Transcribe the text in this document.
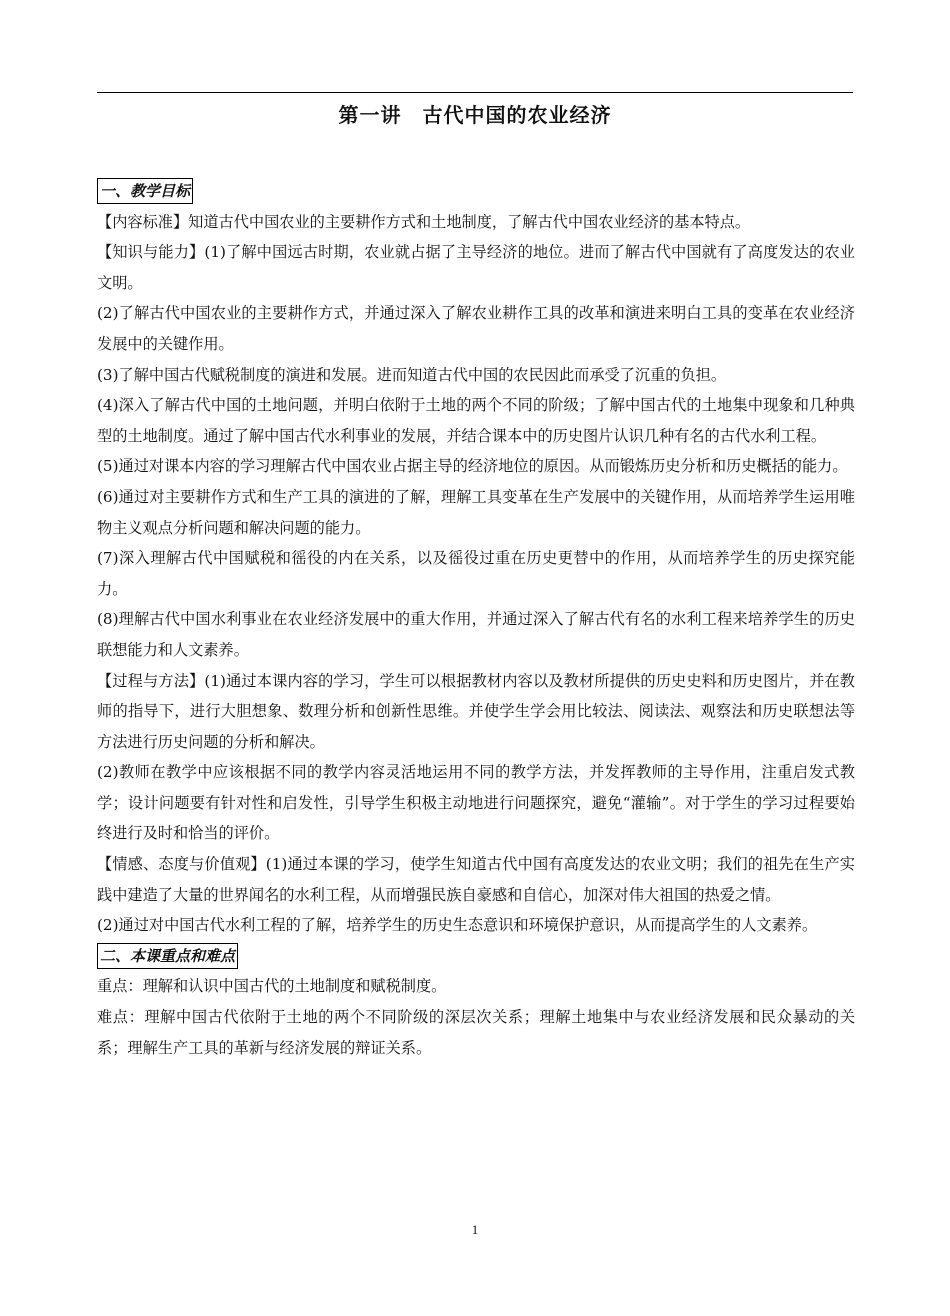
第一讲　古代中国的农业经济
一、教学目标

【内容标准】知道古代中国农业的主要耕作方式和土地制度，了解古代中国农业经济的基本特点。

【知识与能力】(1)了解中国远古时期，农业就占据了主导经济的地位。进而了解古代中国就有了高度发达的农业文明。

(2)了解古代中国农业的主要耕作方式，并通过深入了解农业耕作工具的改革和演进来明白工具的变革在农业经济发展中的关键作用。

(3)了解中国古代赋税制度的演进和发展。进而知道古代中国的农民因此而承受了沉重的负担。

(4)深入了解古代中国的土地问题，并明白依附于土地的两个不同的阶级；了解中国古代的土地集中现象和几种典型的土地制度。通过了解中国古代水利事业的发展，并结合课本中的历史图片认识几种有名的古代水利工程。

(5)通过对课本内容的学习理解古代中国农业占据主导的经济地位的原因。从而锻炼历史分析和历史概括的能力。

(6)通过对主要耕作方式和生产工具的演进的了解，理解工具变革在生产发展中的关键作用，从而培养学生运用唯物主义观点分析问题和解决问题的能力。

(7)深入理解古代中国赋税和徭役的内在关系，以及徭役过重在历史更替中的作用，从而培养学生的历史探究能力。

(8)理解古代中国水利事业在农业经济发展中的重大作用，并通过深入了解古代有名的水利工程来培养学生的历史联想能力和人文素养。

【过程与方法】(1)通过本课内容的学习，学生可以根据教材内容以及教材所提供的历史史料和历史图片，并在教师的指导下，进行大胆想象、数理分析和创新性思维。并使学生学会用比较法、阅读法、观察法和历史联想法等方法进行历史问题的分析和解决。

(2)教师在教学中应该根据不同的教学内容灵活地运用不同的教学方法，并发挥教师的主导作用，注重启发式教学；设计问题要有针对性和启发性，引导学生积极主动地进行问题探究，避免“灌输”。对于学生的学习过程要始终进行及时和恰当的评价。

【情感、态度与价值观】(1)通过本课的学习，使学生知道古代中国有高度发达的农业文明；我们的祖先在生产实践中建造了大量的世界闻名的水利工程，从而增强民族自豪感和自信心，加深对伟大祖国的热爱之情。

(2)通过对中国古代水利工程的了解，培养学生的历史生态意识和环境保护意识，从而提高学生的人文素养。

二、本课重点和难点

重点：理解和认识中国古代的土地制度和赋税制度。

难点：理解中国古代依附于土地的两个不同阶级的深层次关系；理解土地集中与农业经济发展和民众暴动的关系；理解生产工具的革新与经济发展的辩证关系。

1
